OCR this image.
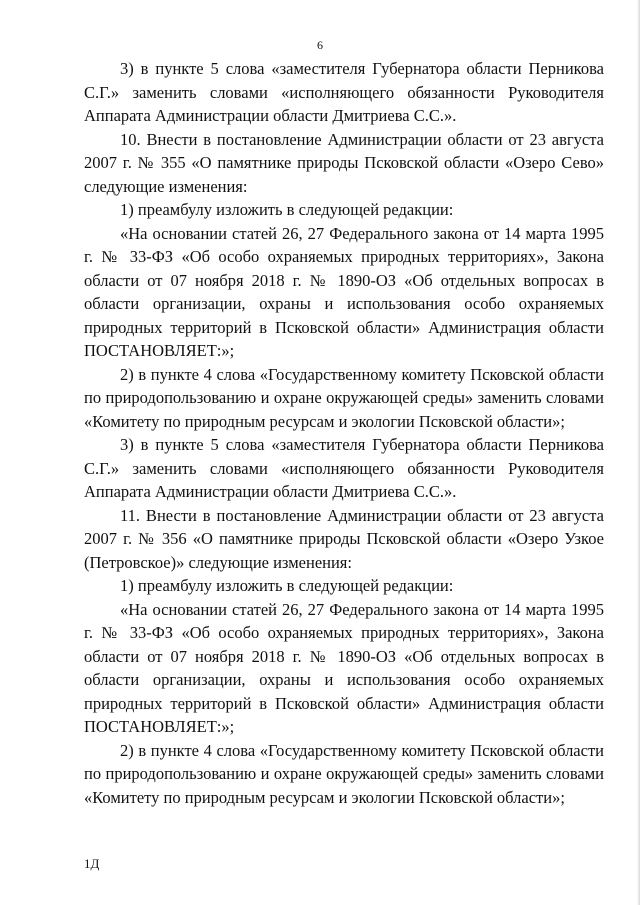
6

3) в пункте 5 слова «заместителя Губернатора области Перникова С.Г.» заменить словами «исполняющего обязанности Руководителя Аппарата Администрации области Дмитриева С.С.».

10. Внести в постановление Администрации области от 23 августа 2007 г. № 355 «О памятнике природы Псковской области «Озеро Сево» следующие изменения:

1) преамбулу изложить в следующей редакции:

«На основании статей 26, 27 Федерального закона от 14 марта 1995 г. № 33-ФЗ «Об особо охраняемых природных территориях», Закона области от 07 ноября 2018 г. № 1890-ОЗ «Об отдельных вопросах в области организации, охраны и использования особо охраняемых природных территорий в Псковской области» Администрация области ПОСТАНОВЛЯЕТ:»;

2) в пункте 4 слова «Государственному комитету Псковской области по природопользованию и охране окружающей среды» заменить словами «Комитету по природным ресурсам и экологии Псковской области»;

3) в пункте 5 слова «заместителя Губернатора области Перникова С.Г.» заменить словами «исполняющего обязанности Руководителя Аппарата Администрации области Дмитриева С.С.».

11. Внести в постановление Администрации области от 23 августа 2007 г. № 356 «О памятнике природы Псковской области «Озеро Узкое (Петровское)» следующие изменения:

1) преамбулу изложить в следующей редакции:

«На основании статей 26, 27 Федерального закона от 14 марта 1995 г. № 33-ФЗ «Об особо охраняемых природных территориях», Закона области от 07 ноября 2018 г. № 1890-ОЗ «Об отдельных вопросах в области организации, охраны и использования особо охраняемых природных территорий в Псковской области» Администрация области ПОСТАНОВЛЯЕТ:»;

2) в пункте 4 слова «Государственному комитету Псковской области по природопользованию и охране окружающей среды» заменить словами «Комитету по природным ресурсам и экологии Псковской области»;

1Д
